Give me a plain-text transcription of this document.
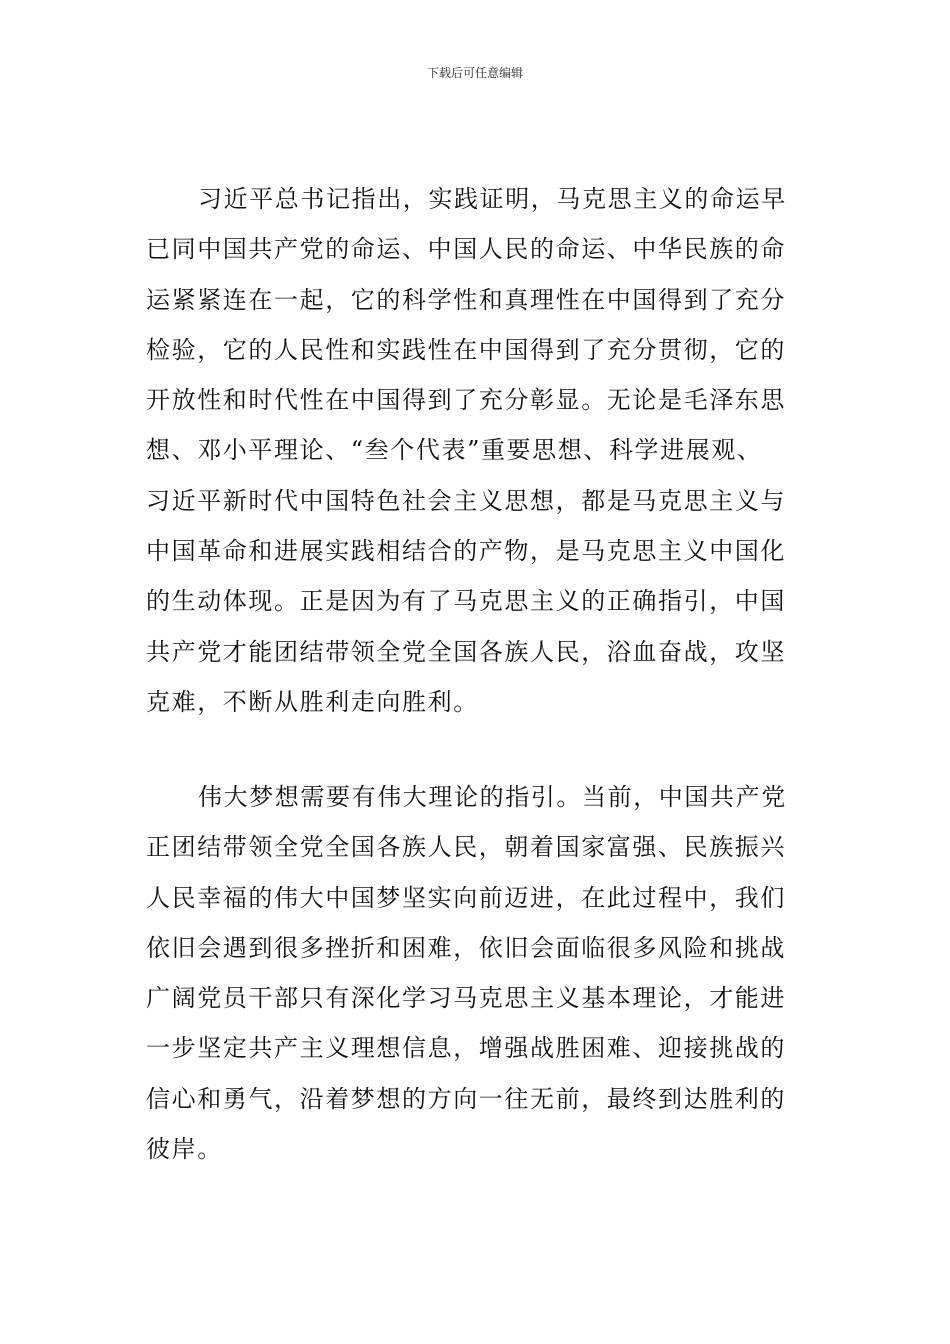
下载后可任意编辑
习近平总书记指出，实践证明，马克思主义的命运早
已同中国共产党的命运、中国人民的命运、中华民族的命
运紧紧连在一起，它的科学性和真理性在中国得到了充分
检验，它的人民性和实践性在中国得到了充分贯彻，它的
开放性和时代性在中国得到了充分彰显。无论是毛泽东思
想、邓小平理论、“叁个代表”重要思想、科学进展观、
习近平新时代中国特色社会主义思想，都是马克思主义与
中国革命和进展实践相结合的产物，是马克思主义中国化
的生动体现。正是因为有了马克思主义的正确指引，中国
共产党才能团结带领全党全国各族人民，浴血奋战，攻坚
克难，不断从胜利走向胜利。
伟大梦想需要有伟大理论的指引。当前，中国共产党
正团结带领全党全国各族人民，朝着国家富强、民族振兴
人民幸福的伟大中国梦坚实向前迈进，在此过程中，我们
依旧会遇到很多挫折和困难，依旧会面临很多风险和挑战
广阔党员干部只有深化学习马克思主义基本理论，才能进
一步坚定共产主义理想信息，增强战胜困难、迎接挑战的
信心和勇气，沿着梦想的方向一往无前，最终到达胜利的
彼岸。
